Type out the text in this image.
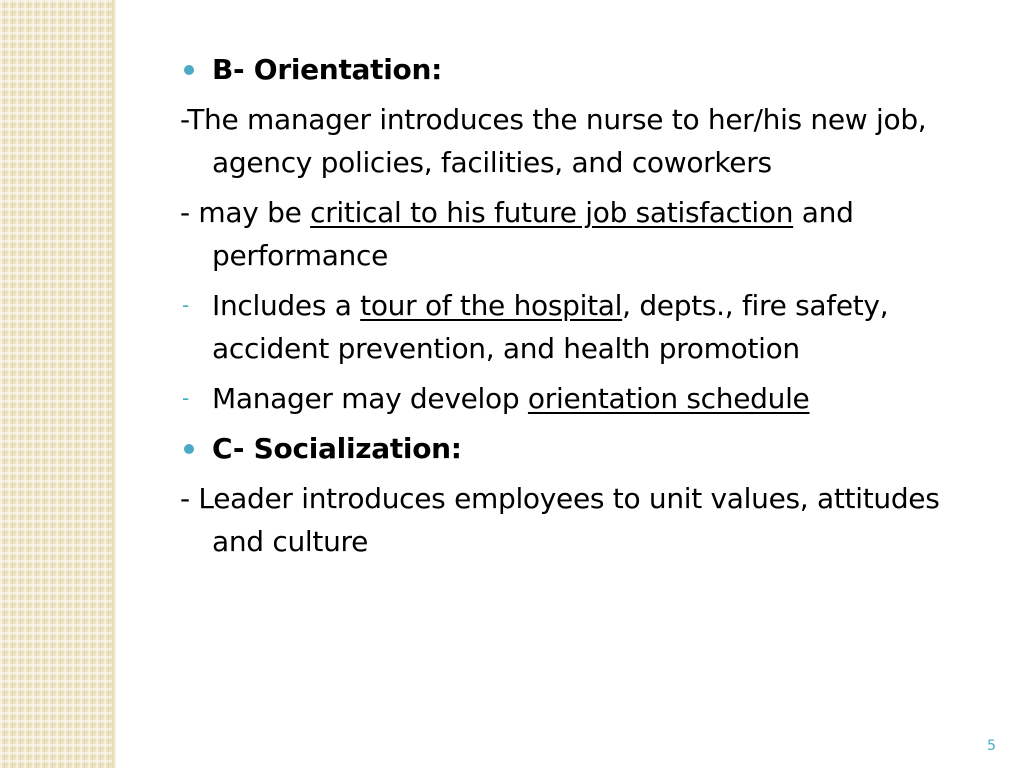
B- Orientation:
-The manager introduces the nurse to her/his new job, agency policies, facilities, and coworkers
- may be critical to his future job satisfaction and performance
- Includes a tour of the hospital, depts., fire safety, accident prevention, and health promotion
- Manager may develop orientation schedule
C- Socialization:
- Leader introduces employees to unit values, attitudes and culture
5
